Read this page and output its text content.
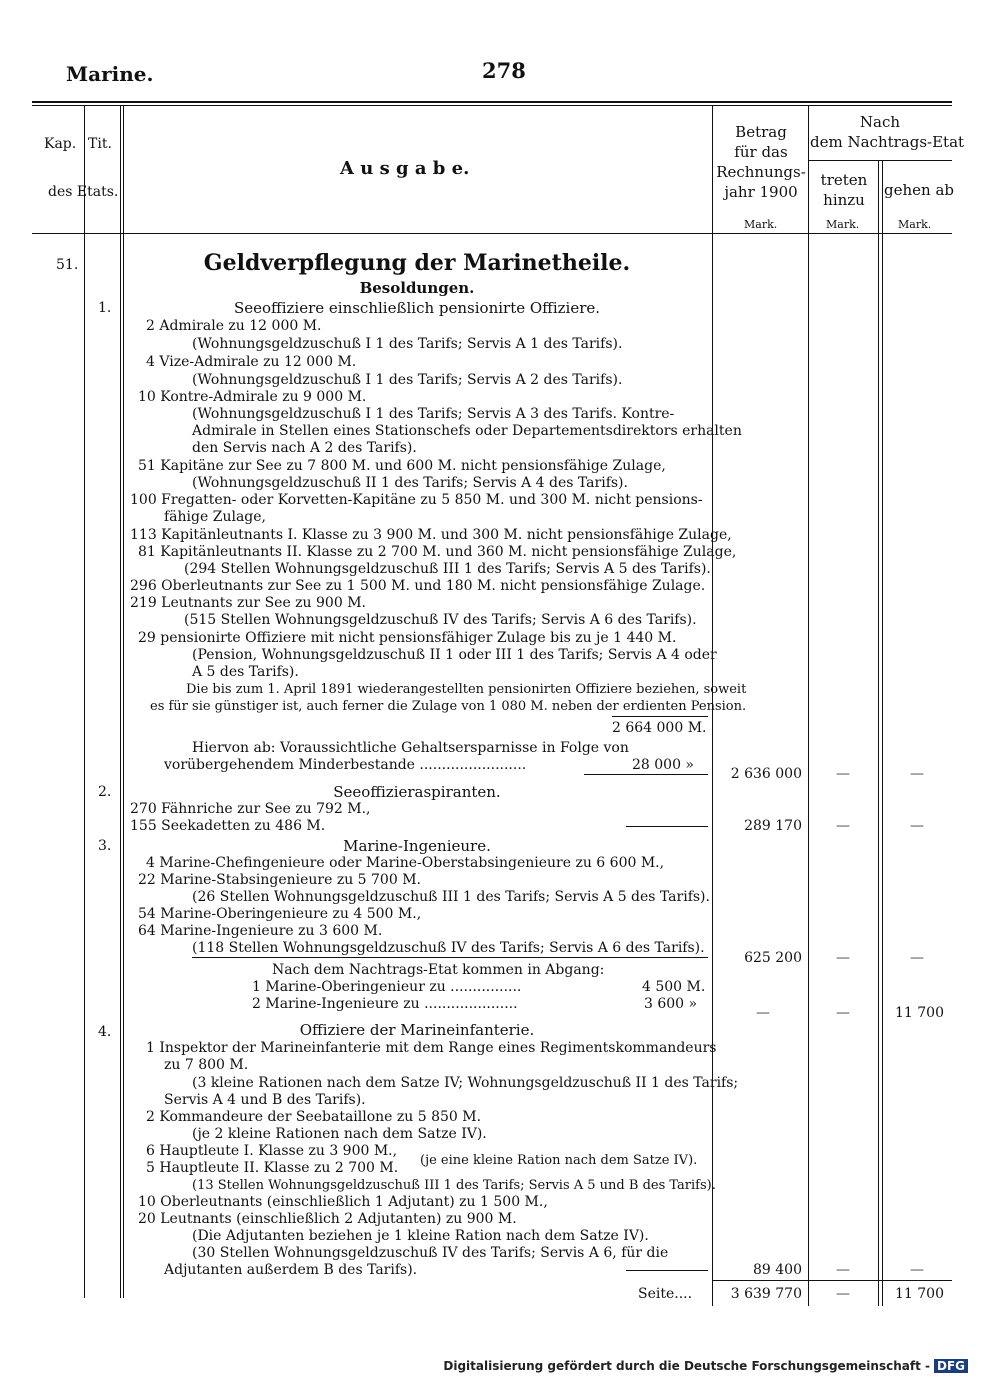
Marine.	278
Kap. Tit.
des Etats.
A u s g a b e.
Betrag
für das
Rechnungs-
jahr 1900
Mark.
Nach
dem Nachtrags-Etat
treten
hinzu
gehen ab
Mark.	Mark.
51.	Geldverpflegung der Marinetheile.
Besoldungen.
1.	Seeoffiziere einschließlich pensionirte Offiziere.
2 Admirale zu 12 000 M.
(Wohnungsgeldzuschuß I 1 des Tarifs; Servis A 1 des Tarifs).
4 Vize-Admirale zu 12 000 M.
(Wohnungsgeldzuschuß I 1 des Tarifs; Servis A 2 des Tarifs).
10 Kontre-Admirale zu 9 000 M.
(Wohnungsgeldzuschuß I 1 des Tarifs; Servis A 3 des Tarifs. Kontre-
Admirale in Stellen eines Stationschefs oder Departementsdirektors erhalten
den Servis nach A 2 des Tarifs).
51 Kapitäne zur See zu 7 800 M. und 600 M. nicht pensionsfähige Zulage,
(Wohnungsgeldzuschuß II 1 des Tarifs; Servis A 4 des Tarifs).
100 Fregatten- oder Korvetten-Kapitäne zu 5 850 M. und 300 M. nicht pensions-
fähige Zulage,
113 Kapitänleutnants I. Klasse zu 3 900 M. und 300 M. nicht pensionsfähige Zulage,
81 Kapitänleutnants II. Klasse zu 2 700 M. und 360 M. nicht pensionsfähige Zulage,
(294 Stellen Wohnungsgeldzuschuß III 1 des Tarifs; Servis A 5 des Tarifs).
296 Oberleutnants zur See zu 1 500 M. und 180 M. nicht pensionsfähige Zulage.
219 Leutnants zur See zu 900 M.
(515 Stellen Wohnungsgeldzuschuß IV des Tarifs; Servis A 6 des Tarifs).
29 pensionirte Offiziere mit nicht pensionsfähiger Zulage bis zu je 1 440 M.
(Pension, Wohnungsgeldzuschuß II 1 oder III 1 des Tarifs; Servis A 4 oder
A 5 des Tarifs).
Die bis zum 1. April 1891 wiederangestellten pensionirten Offiziere beziehen, soweit
es für sie günstiger ist, auch ferner die Zulage von 1 080 M. neben der erdienten Pension.
2 664 000 M.
Hiervon ab: Voraussichtliche Gehaltsersparnisse in Folge von
vorübergehendem Minderbestande ........................	28 000 »
2 636 000 —	—
2.	Seeoffizieraspiranten.
270 Fähnriche zur See zu 792 M.,
155 Seekadetten zu 486 M.	289 170 —	—
3.	Marine-Ingenieure.
4 Marine-Chefingenieure oder Marine-Oberstabsingenieure zu 6 600 M.,
22 Marine-Stabsingenieure zu 5 700 M.
(26 Stellen Wohnungsgeldzuschuß III 1 des Tarifs; Servis A 5 des Tarifs).
54 Marine-Oberingenieure zu 4 500 M.,
64 Marine-Ingenieure zu 3 600 M.
(118 Stellen Wohnungsgeldzuschuß IV des Tarifs; Servis A 6 des Tarifs).
625 200 —	—
Nach dem Nachtrags-Etat kommen in Abgang:
1 Marine-Oberingenieur zu ................	4 500 M.
2 Marine-Ingenieure zu .....................	3 600 »
—	—	11 700
4.	Offiziere der Marineinfanterie.
1 Inspektor der Marineinfanterie mit dem Range eines Regimentskommandeurs
zu 7 800 M.
(3 kleine Rationen nach dem Satze IV; Wohnungsgeldzuschuß II 1 des Tarifs;
Servis A 4 und B des Tarifs).
2 Kommandeure der Seebataillone zu 5 850 M.
(je 2 kleine Rationen nach dem Satze IV).
6 Hauptleute I. Klasse zu 3 900 M.,
5 Hauptleute II. Klasse zu 2 700 M. (je eine kleine Ration nach dem Satze IV).
(13 Stellen Wohnungsgeldzuschuß III 1 des Tarifs; Servis A 5 und B des Tarifs).
10 Oberleutnants (einschließlich 1 Adjutant) zu 1 500 M.,
20 Leutnants (einschließlich 2 Adjutanten) zu 900 M.
(Die Adjutanten beziehen je 1 kleine Ration nach dem Satze IV).
(30 Stellen Wohnungsgeldzuschuß IV des Tarifs; Servis A 6, für die
Adjutanten außerdem B des Tarifs).	89 400 —	—
Seite....	3 639 770 —	11 700
Digitalisierung gefördert durch die Deutsche Forschungsgemeinschaft - DFG
